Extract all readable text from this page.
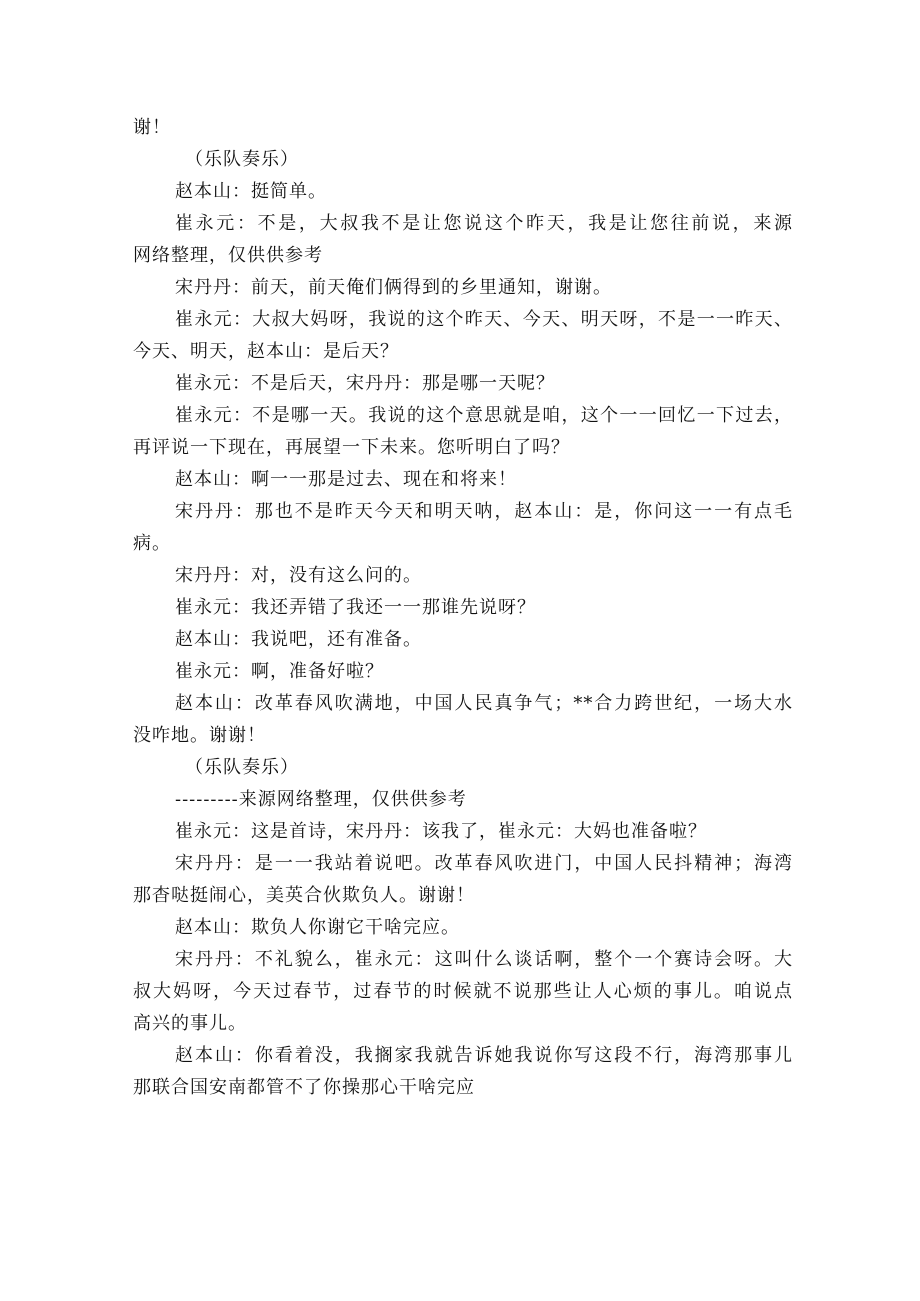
谢！
（乐队奏乐）
赵本山：挺简单。
崔永元：不是，大叔我不是让您说这个昨天，我是让您往前说，来源
网络整理，仅供供参考
宋丹丹：前天，前天俺们俩得到的乡里通知，谢谢。
崔永元：大叔大妈呀，我说的这个昨天、今天、明天呀，不是一一昨天、
今天、明天，赵本山：是后天？
崔永元：不是后天，宋丹丹：那是哪一天呢？
崔永元：不是哪一天。我说的这个意思就是咱，这个一一回忆一下过去，
再评说一下现在，再展望一下未来。您听明白了吗？
赵本山：啊一一那是过去、现在和将来！
宋丹丹：那也不是昨天今天和明天呐，赵本山：是，你问这一一有点毛
病。
宋丹丹：对，没有这么问的。
崔永元：我还弄错了我还一一那谁先说呀？
赵本山：我说吧，还有准备。
崔永元：啊，准备好啦？
赵本山：改革春风吹满地，中国人民真争气；**合力跨世纪，一场大水
没咋地。谢谢！
（乐队奏乐）
---------来源网络整理，仅供供参考
崔永元：这是首诗，宋丹丹：该我了，崔永元：大妈也准备啦？
宋丹丹：是一一我站着说吧。改革春风吹进门，中国人民抖精神；海湾
那杳哒挺闹心，美英合伙欺负人。谢谢！
赵本山：欺负人你谢它干啥完应。
宋丹丹：不礼貌么，崔永元：这叫什么谈话啊，整个一个赛诗会呀。大
叔大妈呀，今天过春节，过春节的时候就不说那些让人心烦的事儿。咱说点
高兴的事儿。
赵本山：你看着没，我搁家我就告诉她我说你写这段不行，海湾那事儿
那联合国安南都管不了你操那心干啥完应
